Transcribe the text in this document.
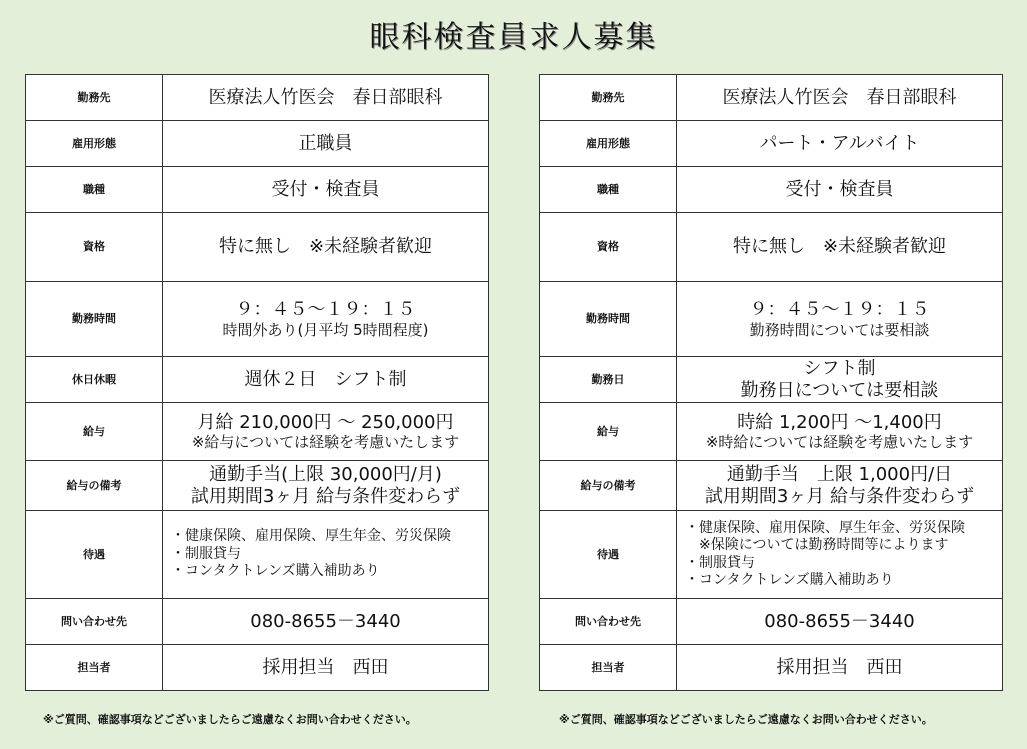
眼科検査員求人募集
勤務先	医療法人竹医会　春日部眼科
雇用形態	正職員
職種	受付・検査員
資格	特に無し　※未経験者歓迎
勤務時間	９：４５～１９：１５
時間外あり(月平均 5時間程度)

休日休暇	週休２日　シフト制
給与	月給 210,000円 ～ 250,000円
※給与については経験を考慮いたします

給与の備考	通勤手当(上限 30,000円/月)
試用期間3ヶ月 給与条件変わらず

待遇	・健康保険、雇用保険、厚生年金、労災保険
・制服貸与
・コンタクトレンズ購入補助あり

問い合わせ先	080-8655－3440
担当者	採用担当　西田
勤務先	医療法人竹医会　春日部眼科
雇用形態	パート・アルバイト
職種	受付・検査員
資格	特に無し　※未経験者歓迎
勤務時間	９：４５～１９：１５
勤務時間については要相談

勤務日	シフト制
勤務日については要相談

給与	時給 1,200円 ～1,400円
※時給については経験を考慮いたします

給与の備考	通勤手当　上限 1,000円/日
試用期間3ヶ月 給与条件変わらず

待遇	・健康保険、雇用保険、厚生年金、労災保険
　※保険については勤務時間等によります
・制服貸与
・コンタクトレンズ購入補助あり

問い合わせ先	080-8655－3440
担当者	採用担当　西田
※ご質問、確認事項などございましたらご遠慮なくお問い合わせください。	※ご質問、確認事項などございましたらご遠慮なくお問い合わせください。
